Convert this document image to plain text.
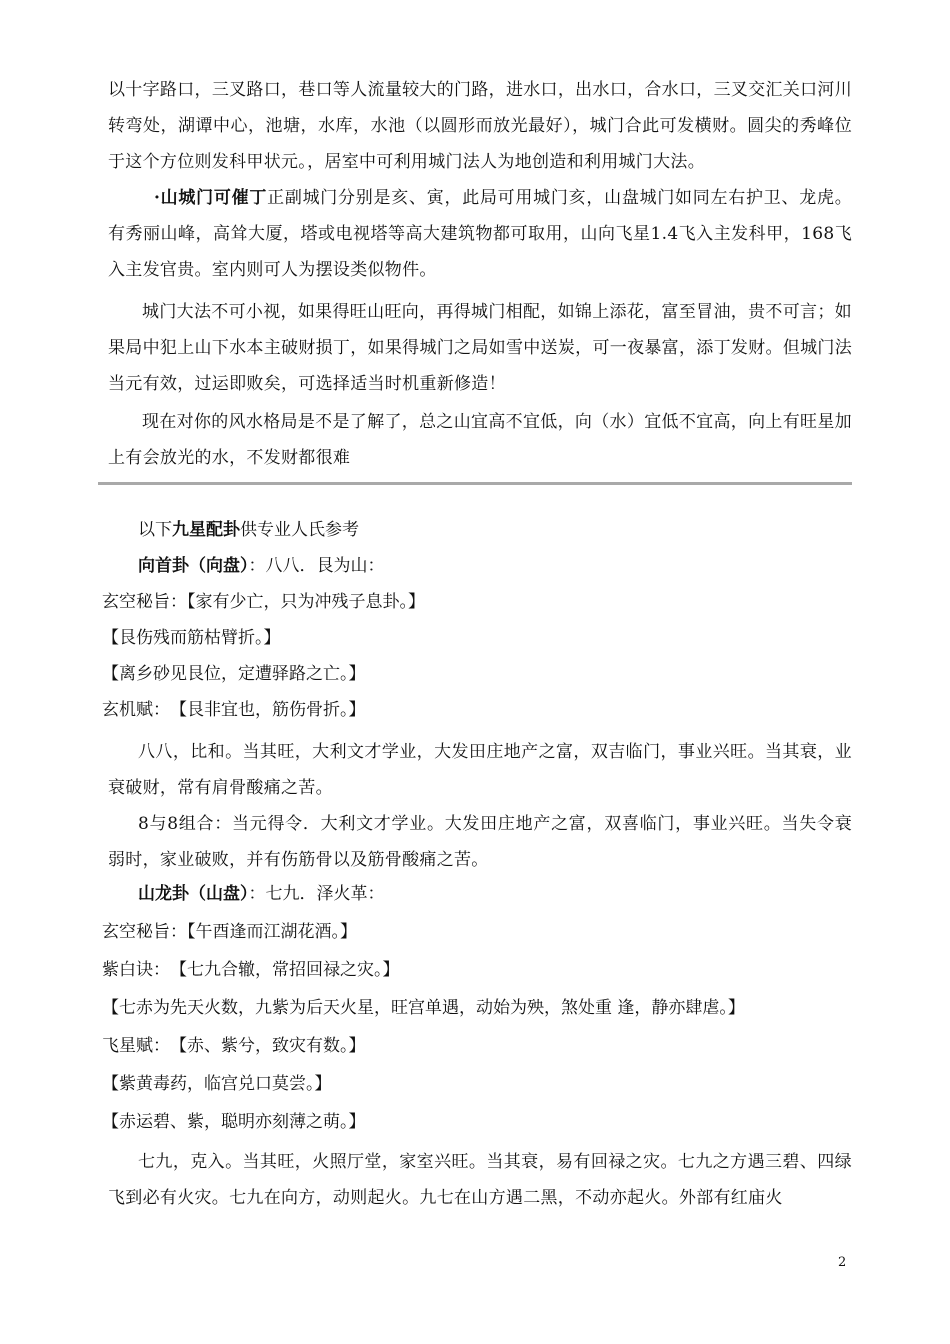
以十字路口，三叉路口，巷口等人流量较大的门路，进水口，出水口，合水口，三叉交汇关口河川转弯处，湖谭中心，池塘，水库，水池（以圆形而放光最好），城门合此可发横财。圆尖的秀峰位于这个方位则发科甲状元。，居室中可利用城门法人为地创造和利用城门大法。

·山城门可催丁正副城门分别是亥、寅，此局可用城门亥，山盘城门如同左右护卫、龙虎。有秀丽山峰，高耸大厦，塔或电视塔等高大建筑物都可取用，山向飞星1.4飞入主发科甲，168飞入主发官贵。室内则可人为摆设类似物件。

城门大法不可小视，如果得旺山旺向，再得城门相配，如锦上添花，富至冒油，贵不可言；如果局中犯上山下水本主破财损丁，如果得城门之局如雪中送炭，可一夜暴富，添丁发财。但城门法当元有效，过运即败矣，可选择适当时机重新修造！

现在对你的风水格局是不是了解了，总之山宜高不宜低，向（水）宜低不宜高，向上有旺星加上有会放光的水，不发财都很难

以下九星配卦供专业人氏参考

向首卦（向盘）：八八．艮为山：

玄空秘旨：【家有少亡，只为冲残子息卦。】

【艮伤残而筋枯臂折。】

【离乡砂见艮位，定遭驿路之亡。】

玄机赋：　【艮非宜也，筋伤骨折。】

八八，比和。当其旺，大利文才学业，大发田庄地产之富，双吉临门，事业兴旺。当其衰，业衰破财，常有肩骨酸痛之苦。

8与8组合：当元得令．大利文才学业。大发田庄地产之富，双喜临门，事业兴旺。当失令衰弱时，家业破败，并有伤筋骨以及筋骨酸痛之苦。

山龙卦（山盘）：七九．泽火革：

玄空秘旨：【午酉逢而江湖花酒。】

紫白诀：　【七九合辙，常招回禄之灾。】

【七赤为先天火数，九紫为后天火星，旺宫单遇，动始为殃，煞处重 逢，静亦肆虐。】

飞星赋：　【赤、紫兮，致灾有数。】

【紫黄毒药，临宫兑口莫尝。】

【赤运碧、紫，聪明亦刻薄之萌。】

七九，克入。当其旺，火照厅堂，家室兴旺。当其衰，易有回禄之灾。七九之方遇三碧、四绿飞到必有火灾。七九在向方，动则起火。九七在山方遇二黑，不动亦起火。外部有红庙火

2
